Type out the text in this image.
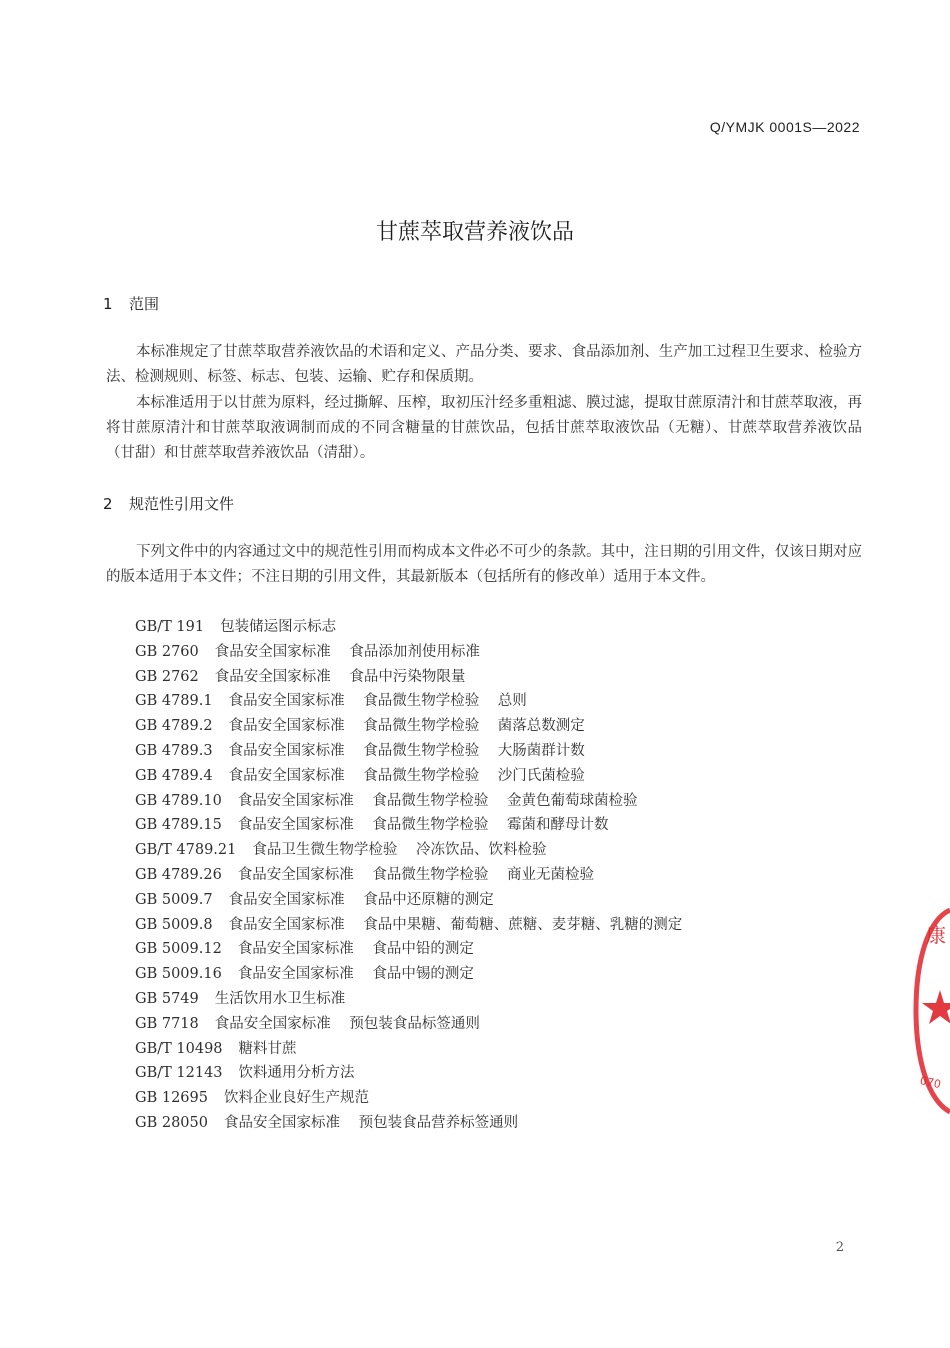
Q/YMJK 0001S—2022
甘蔗萃取营养液饮品
1 范围

本标准规定了甘蔗萃取营养液饮品的术语和定义、产品分类、要求、食品添加剂、生产加工过程卫生要求、检验方法、检测规则、标签、标志、包装、运输、贮存和保质期。

本标准适用于以甘蔗为原料，经过撕解、压榨，取初压汁经多重粗滤、膜过滤，提取甘蔗原清汁和甘蔗萃取液，再将甘蔗原清汁和甘蔗萃取液调制而成的不同含糖量的甘蔗饮品，包括甘蔗萃取液饮品（无糖）、甘蔗萃取营养液饮品（甘甜）和甘蔗萃取营养液饮品（清甜）。

2 规范性引用文件

下列文件中的内容通过文中的规范性引用而构成本文件必不可少的条款。其中，注日期的引用文件，仅该日期对应的版本适用于本文件；不注日期的引用文件，其最新版本（包括所有的修改单）适用于本文件。

GB/T 191 包装储运图示标志
GB 2760 食品安全国家标准 食品添加剂使用标准
GB 2762 食品安全国家标准 食品中污染物限量
GB 4789.1 食品安全国家标准 食品微生物学检验 总则
GB 4789.2 食品安全国家标准 食品微生物学检验 菌落总数测定
GB 4789.3 食品安全国家标准 食品微生物学检验 大肠菌群计数
GB 4789.4 食品安全国家标准 食品微生物学检验 沙门氏菌检验
GB 4789.10 食品安全国家标准 食品微生物学检验 金黄色葡萄球菌检验
GB 4789.15 食品安全国家标准 食品微生物学检验 霉菌和酵母计数
GB/T 4789.21 食品卫生微生物学检验 冷冻饮品、饮料检验
GB 4789.26 食品安全国家标准 食品微生物学检验 商业无菌检验
GB 5009.7 食品安全国家标准 食品中还原糖的测定
GB 5009.8 食品安全国家标准 食品中果糖、葡萄糖、蔗糖、麦芽糖、乳糖的测定
GB 5009.12 食品安全国家标准 食品中铅的测定
GB 5009.16 食品安全国家标准 食品中锡的测定
GB 5749 生活饮用水卫生标准
GB 7718 食品安全国家标准 预包装食品标签通则
GB/T 10498 糖料甘蔗
GB/T 12143 饮料通用分析方法
GB 12695 饮料企业良好生产规范
GB 28050 食品安全国家标准 预包装食品营养标签通则
2
康
070
